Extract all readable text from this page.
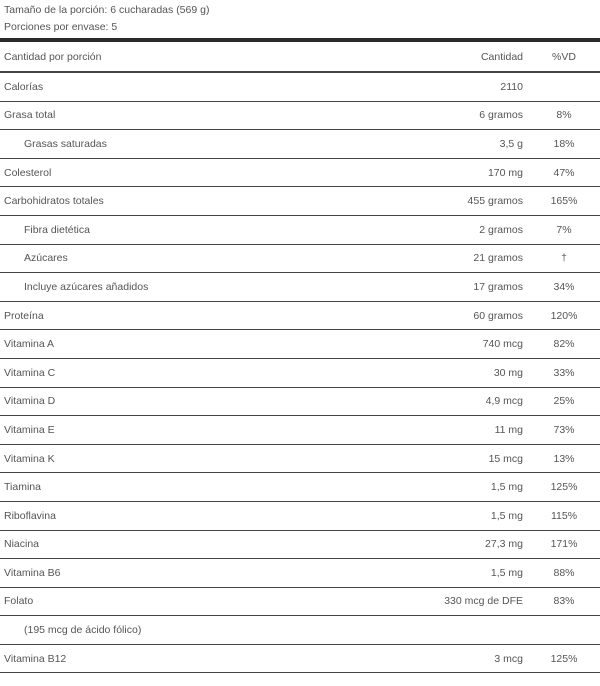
Tamaño de la porción: 6 cucharadas (569 g)
Porciones por envase: 5
Cantidad por porción	Cantidad	%VD
Calorías	2110
Grasa total	6 gramos	8%
Grasas saturadas	3,5 g	18%
Colesterol	170 mg	47%
Carbohidratos totales	455 gramos	165%
Fibra dietética	2 gramos	7%
Azúcares	21 gramos	†
Incluye azúcares añadidos	17 gramos	34%
Proteína	60 gramos	120%
Vitamina A	740 mcg	82%
Vitamina C	30 mg	33%
Vitamina D	4,9 mcg	25%
Vitamina E	11 mg	73%
Vitamina K	15 mcg	13%
Tiamina	1,5 mg	125%
Riboflavina	1,5 mg	115%
Niacina	27,3 mg	171%
Vitamina B6	1,5 mg	88%
Folato	330 mcg de DFE	83%
(195 mcg de ácido fólico)
Vitamina B12	3 mcg	125%
